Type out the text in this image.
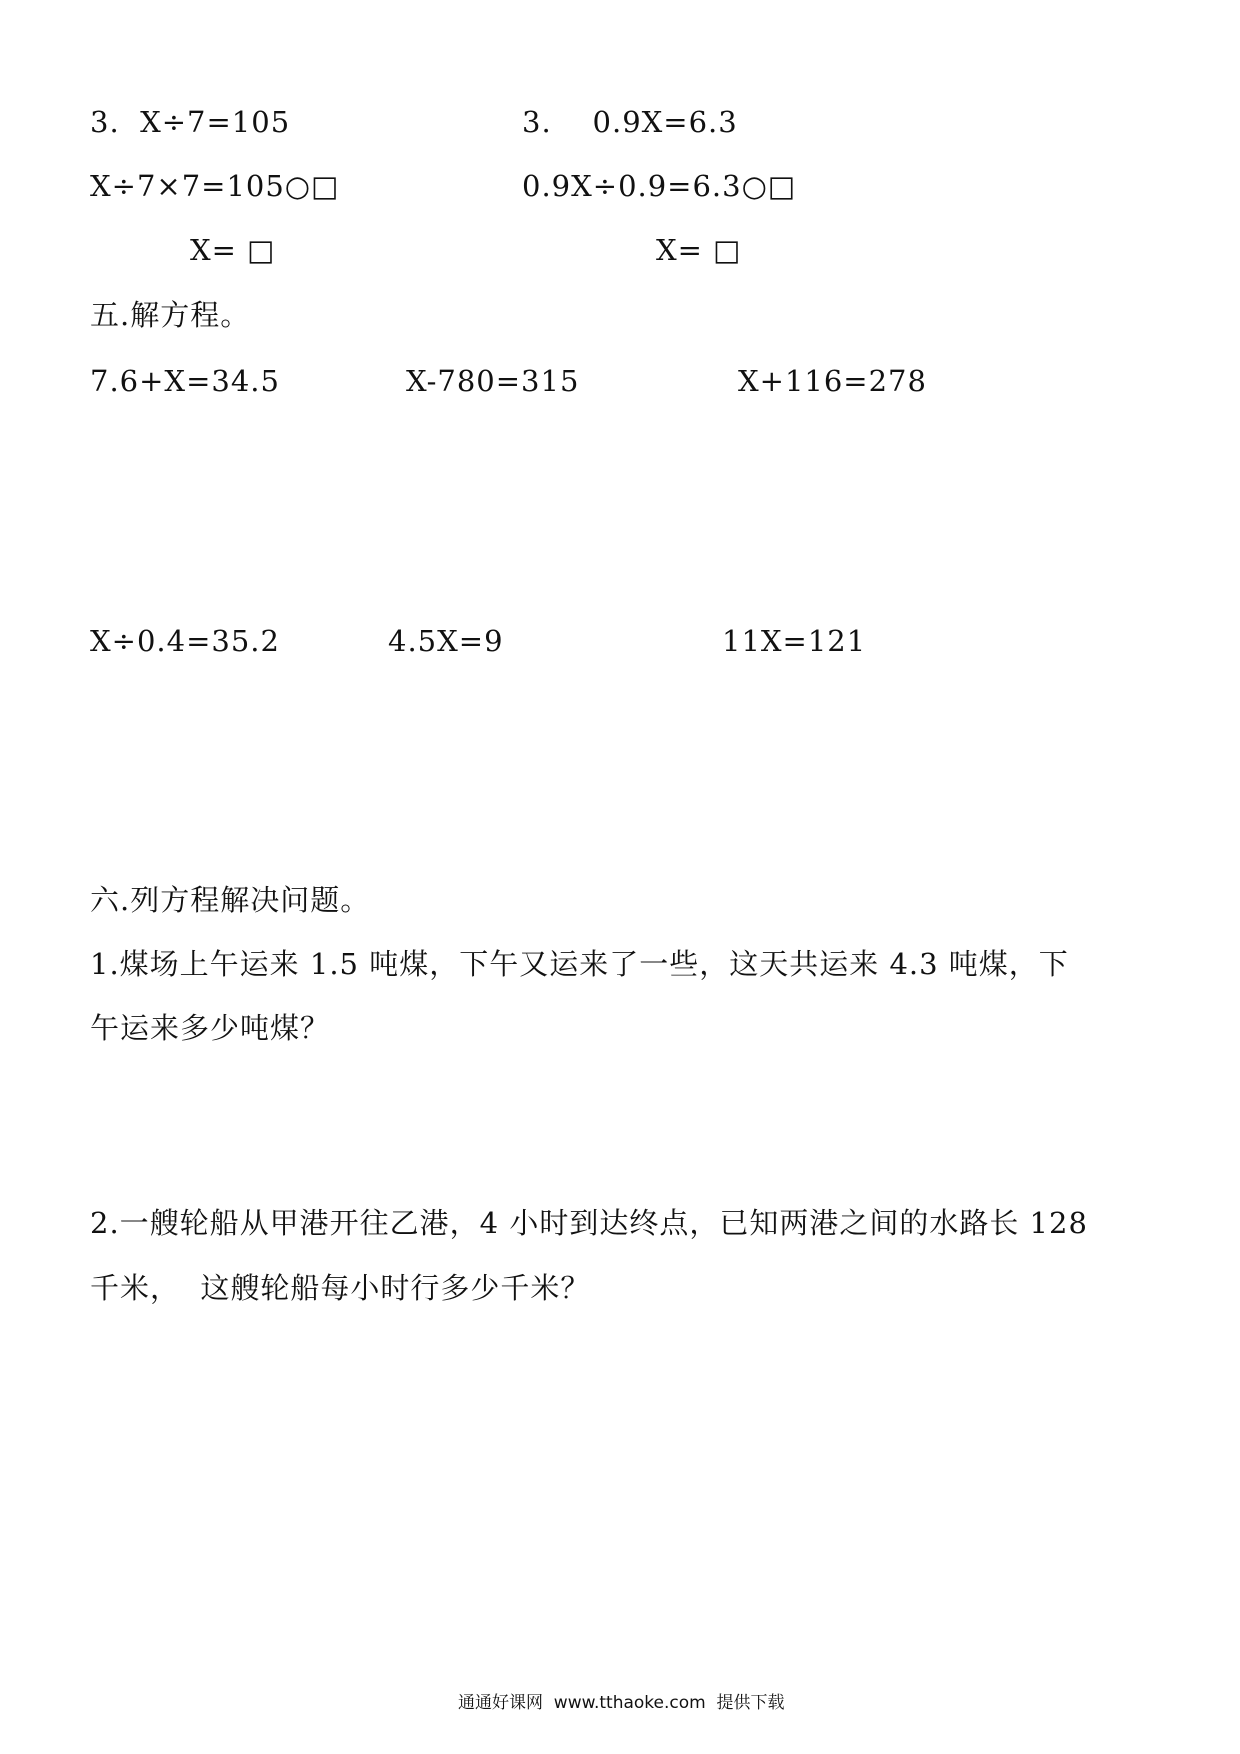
3.  X÷7=105	3.    0.9X=6.3
X÷7×7=105○□	0.9X÷0.9=6.3○□
X= □	X= □
五.解方程。
7.6+X=34.5	X-780=315	X+116=278
X÷0.4=35.2	4.5X=9	11X=121
六.列方程解决问题。
1.煤场上午运来 1.5 吨煤，下午又运来了一些，这天共运来 4.3 吨煤，下
午运来多少吨煤？
2.一艘轮船从甲港开往乙港，4 小时到达终点，已知两港之间的水路长 128
千米，  这艘轮船每小时行多少千米？
通通好课网  www.tthaoke.com  提供下载
